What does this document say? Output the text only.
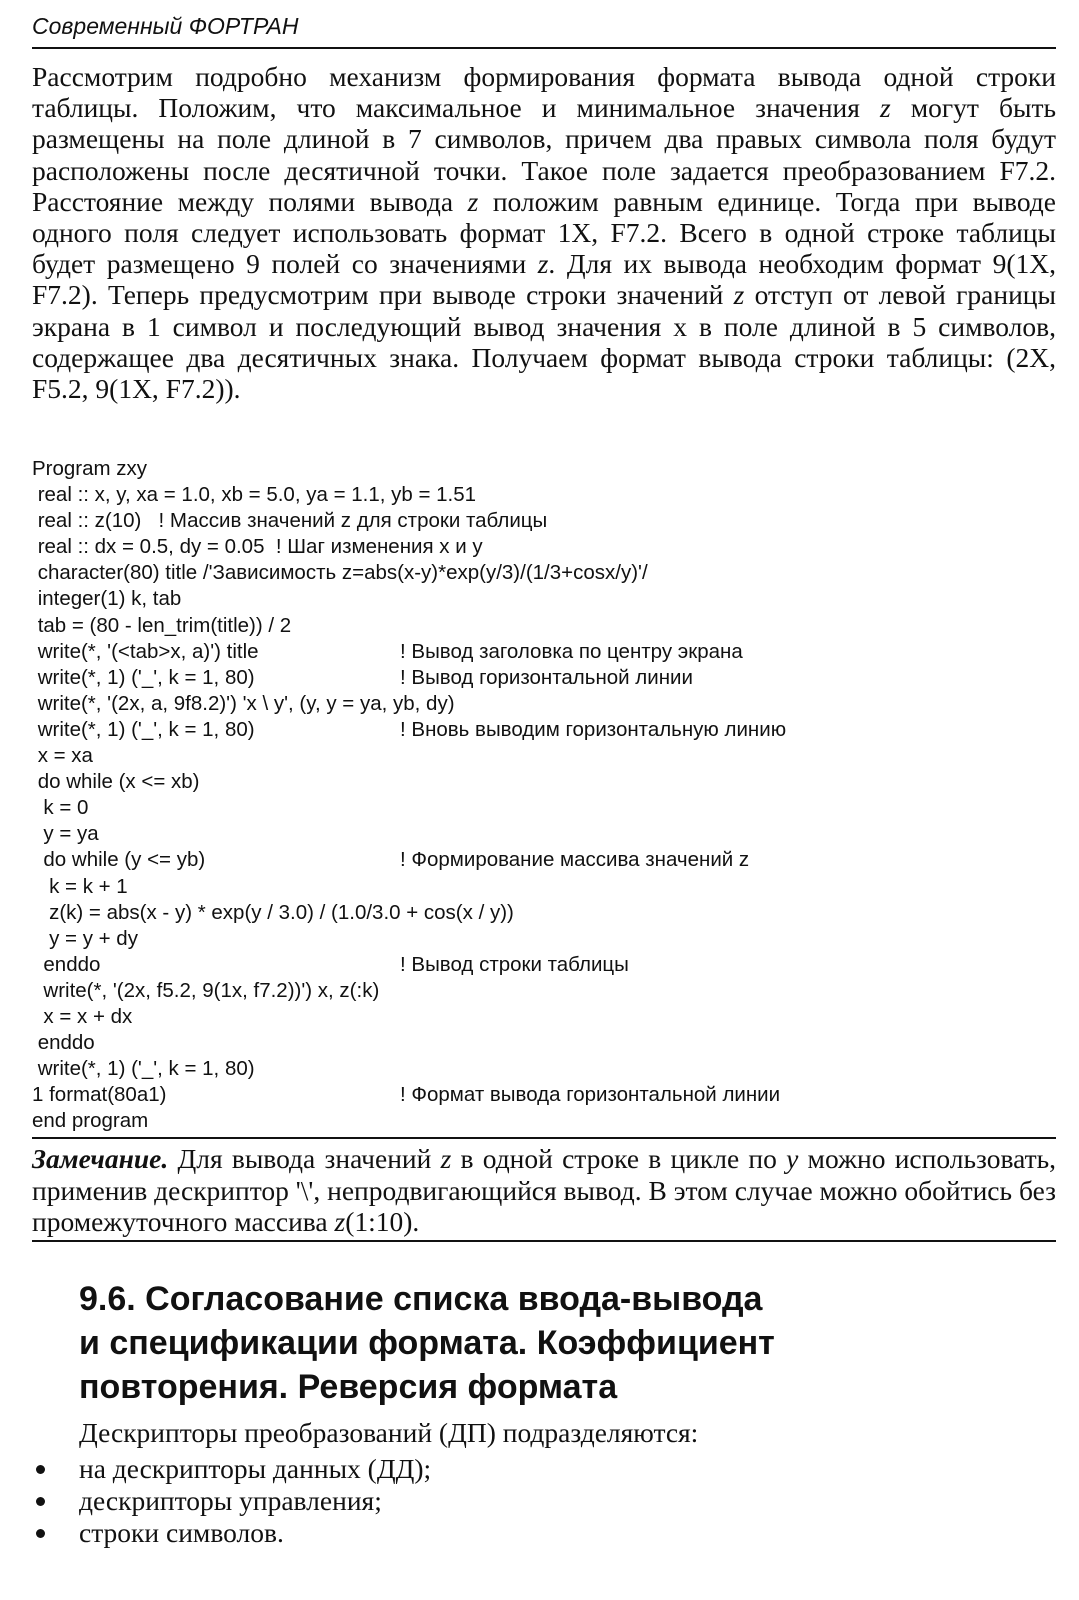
Современный ФОРТРАН

Рассмотрим подробно механизм формирования формата вывода одной строки таблицы. Положим, что максимальное и минимальное значения z могут быть размещены на поле длиной в 7 символов, причем два правых символа поля будут расположены после десятичной точки. Такое поле задается преобразованием F7.2. Расстояние между полями вывода z положим равным единице. Тогда при выводе одного поля следует использовать формат 1X, F7.2. Всего в одной строке таблицы будет размещено 9 полей со значениями z. Для их вывода необходим формат 9(1X, F7.2). Теперь предусмотрим при выводе строки значений z отступ от левой границы экрана в 1 символ и последующий вывод значения x в поле длиной в 5 символов, содержащее два десятичных знака. Получаем формат вывода строки таблицы: (2X, F5.2, 9(1X, F7.2)).

Program zxy
real :: x, y, xa = 1.0, xb = 5.0, ya = 1.1, yb = 1.51
real :: z(10)   ! Массив значений z для строки таблицы
real :: dx = 0.5, dy = 0.05  ! Шаг изменения x и y
character(80) title /'Зависимость z=abs(x-y)*exp(y/3)/(1/3+cosx/y)'/
integer(1) k, tab
tab = (80 - len_trim(title)) / 2
write(*, '(<tab>x, a)') title	! Вывод заголовка по центру экрана
write(*, 1) ('_', k = 1, 80)	! Вывод горизонтальной линии
write(*, '(2x, a, 9f8.2)') 'x \ y', (y, y = ya, yb, dy)
write(*, 1) ('_', k = 1, 80)	! Вновь выводим горизонтальную линию
x = xa
do while (x <= xb)
k = 0
y = ya
do while (y <= yb)	! Формирование массива значений z
k = k + 1
z(k) = abs(x - y) * exp(y / 3.0) / (1.0/3.0 + cos(x / y))
y = y + dy
enddo	! Вывод строки таблицы
write(*, '(2x, f5.2, 9(1x, f7.2))') x, z(:k)
x = x + dx
enddo
write(*, 1) ('_', k = 1, 80)
1 format(80a1)	! Формат вывода горизонтальной линии
end program

Замечание. Для вывода значений z в одной строке в цикле по y можно использовать, применив дескриптор '\', непродвигающийся вывод. В этом случае можно обойтись без промежуточного массива z(1:10).

9.6. Согласование списка ввода-вывода
и спецификации формата. Коэффициент
повторения. Реверсия формата

Дескрипторы преобразований (ДП) подразделяются:

на дескрипторы данных (ДД);
дескрипторы управления;
строки символов.
